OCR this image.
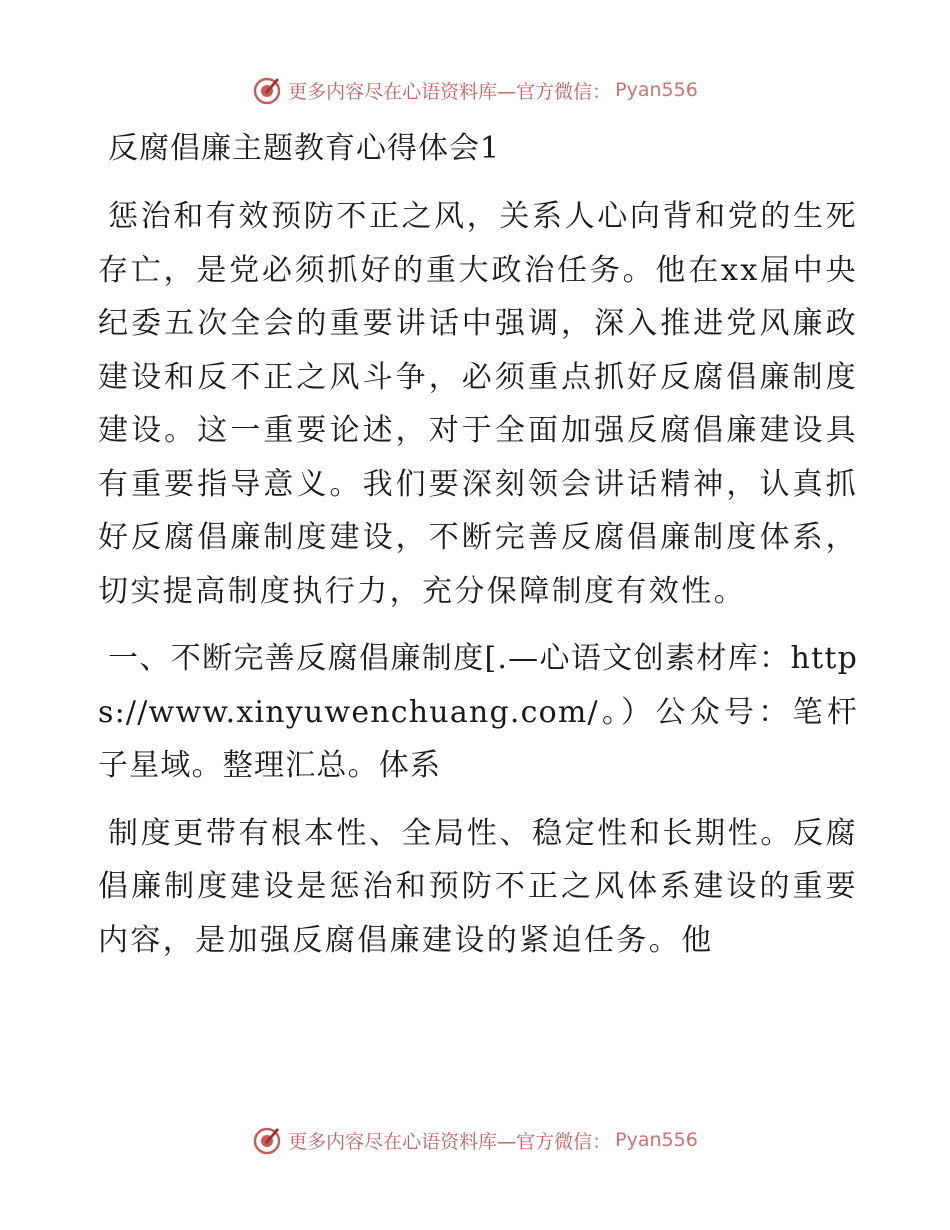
更多内容尽在心语资料库—官方微信： Pyan556
反腐倡廉主题教育心得体会1

惩治和有效预防不正之风，关系人心向背和党的生死存亡，是党必须抓好的重大政治任务。他在xx届中央纪委五次全会的重要讲话中强调，深入推进党风廉政建设和反不正之风斗争，必须重点抓好反腐倡廉制度建设。这一重要论述，对于全面加强反腐倡廉建设具有重要指导意义。我们要深刻领会讲话精神，认真抓好反腐倡廉制度建设，不断完善反腐倡廉制度体系，切实提高制度执行力，充分保障制度有效性。

一、不断完善反腐倡廉制度[.—心语文创素材库：https://www.xinyuwenchuang.com/。）公众号：笔杆子星域。整理汇总。体系

制度更带有根本性、全局性、稳定性和长期性。反腐倡廉制度建设是惩治和预防不正之风体系建设的重要内容，是加强反腐倡廉建设的紧迫任务。他

更多内容尽在心语资料库—官方微信： Pyan556
